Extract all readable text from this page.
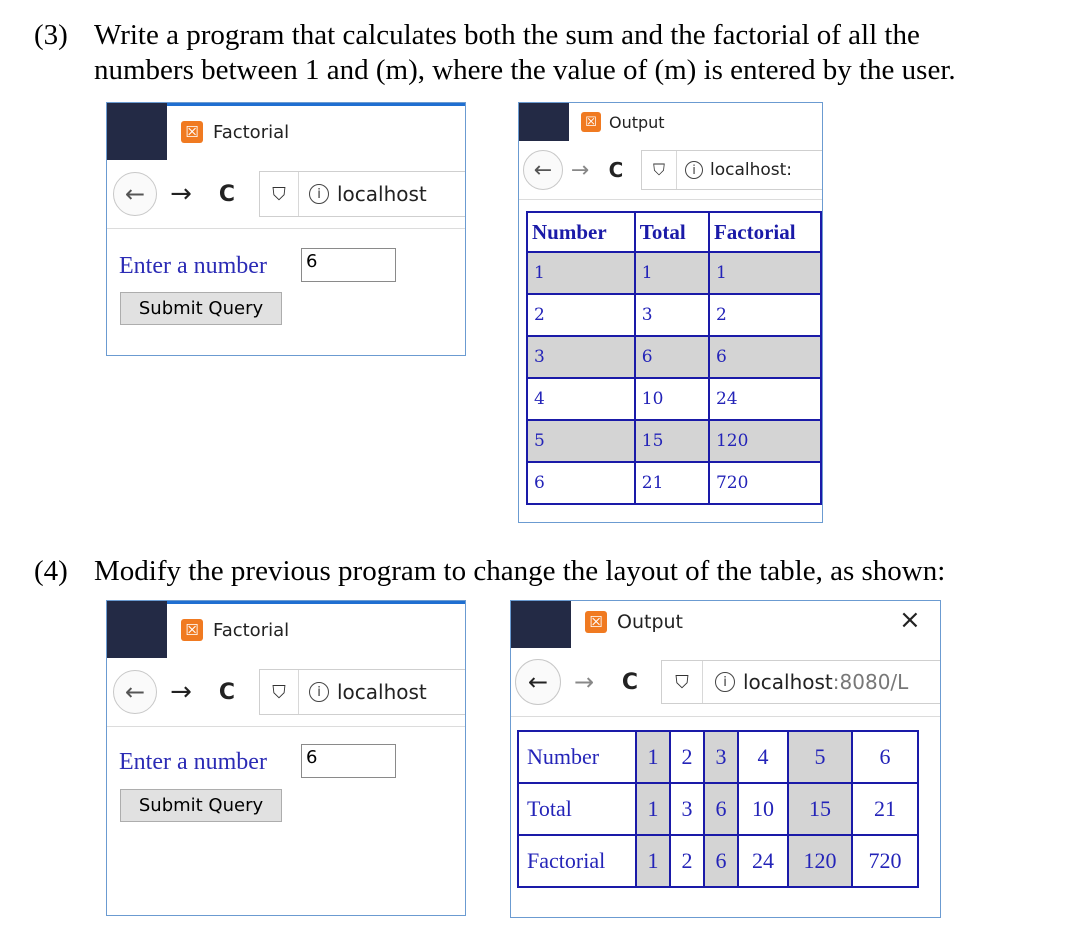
(3) Write a program that calculates both the sum and the factorial of all the
numbers between 1 and (m), where the value of (m) is entered by the user.
☒ Factorial
← →	C	⛉	i localhost
Enter a number 6
Submit Query
☒ Output
← → C	⛉	i localhost:
Number	Total	Factorial
1	1	1
2	3	2
3	6	6
4	10	24
5	15	120
6	21	720
(4) Modify the previous program to change the layout of the table, as shown:
☒ Factorial
← →	C	⛉	i localhost
Enter a number 6
Submit Query
☒ Output	×
←	→	C	⛉	i localhost:8080/L
Number	1	2	3	4	5	6
Total	1	3	6	10	15	21
Factorial	1	2	6	24	120	720
